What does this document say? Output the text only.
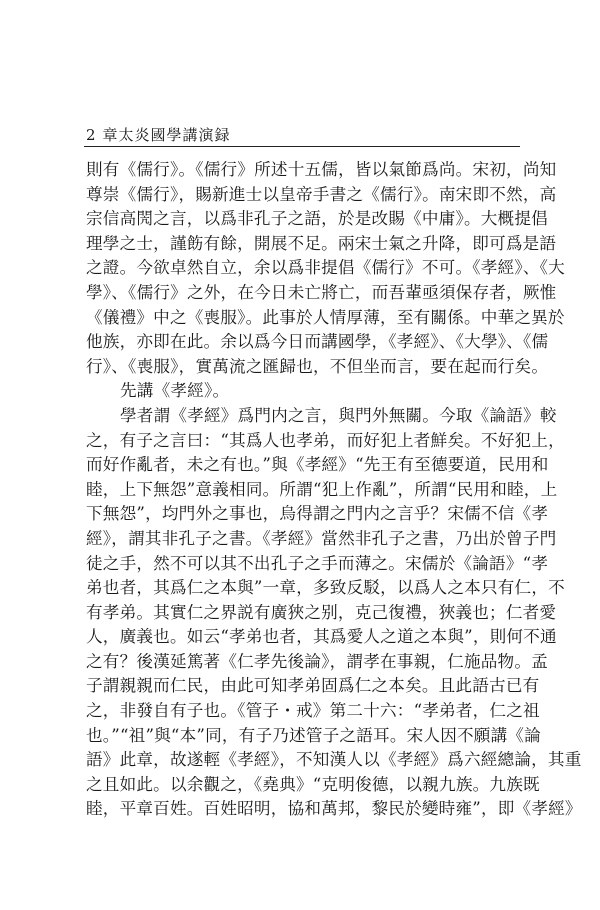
2 章太炎國學講演録
則有《儒行》。《儒行》所述十五儒，皆以氣節爲尚。宋初，尚知
尊崇《儒行》，賜新進士以皇帝手書之《儒行》。南宋即不然，高
宗信高閌之言，以爲非孔子之語，於是改賜《中庸》。大概提倡
理學之士，謹飭有餘，開展不足。兩宋士氣之升降，即可爲是語
之證。今欲卓然自立，余以爲非提倡《儒行》不可。《孝經》、《大
學》、《儒行》之外，在今日未亡將亡，而吾輩亟須保存者，厥惟
《儀禮》中之《喪服》。此事於人情厚薄，至有關係。中華之異於
他族，亦即在此。余以爲今日而講國學，《孝經》、《大學》、《儒
行》、《喪服》，實萬流之匯歸也，不但坐而言，要在起而行矣。
先講《孝經》。
學者謂《孝經》爲門内之言，與門外無關。今取《論語》較
之，有子之言曰：“其爲人也孝弟，而好犯上者鮮矣。不好犯上，
而好作亂者，未之有也。”與《孝經》“先王有至德要道，民用和
睦，上下無怨”意義相同。所謂“犯上作亂”，所謂“民用和睦，上
下無怨”，均門外之事也，烏得謂之門内之言乎？宋儒不信《孝
經》，謂其非孔子之書。《孝經》當然非孔子之書，乃出於曾子門
徒之手，然不可以其不出孔子之手而薄之。宋儒於《論語》“孝
弟也者，其爲仁之本與”一章，多致反駁，以爲人之本只有仁，不
有孝弟。其實仁之界説有廣狹之别，克己復禮，狹義也；仁者愛
人，廣義也。如云“孝弟也者，其爲愛人之道之本與”，則何不通
之有？後漢延篤著《仁孝先後論》，謂孝在事親，仁施品物。孟
子謂親親而仁民，由此可知孝弟固爲仁之本矣。且此語古已有
之，非發自有子也。《管子・戒》第二十六：“孝弟者，仁之祖
也。”“祖”與“本”同，有子乃述管子之語耳。宋人因不願講《論
語》此章，故遂輕《孝經》，不知漢人以《孝經》爲六經總論，其重
之且如此。以余觀之，《堯典》“克明俊德，以親九族。九族既
睦，平章百姓。百姓昭明，協和萬邦，黎民於變時雍”，即《孝經》
